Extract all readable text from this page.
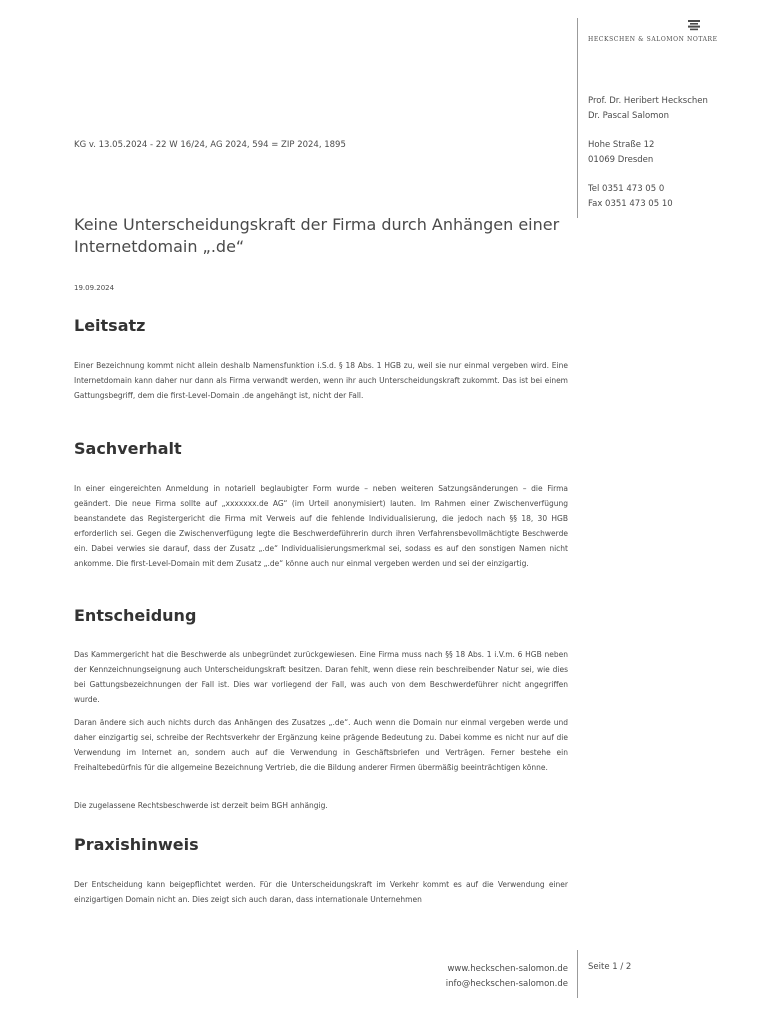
HECKSCHEN & SALOMON NOTARE
Prof. Dr. Heribert Heckschen
Dr. Pascal Salomon
Hohe Straße 12
01069 Dresden
Tel 0351 473 05 0
Fax 0351 473 05 10
KG v. 13.05.2024 - 22 W 16/24, AG 2024, 594 = ZIP 2024, 1895
Keine Unterscheidungskraft der Firma durch Anhängen einer Internetdomain „.de“
19.09.2024
Leitsatz

Einer Bezeichnung kommt nicht allein deshalb Namensfunktion i.S.d. § 18 Abs. 1 HGB zu, weil sie nur einmal vergeben wird. Eine Internetdomain kann daher nur dann als Firma verwandt werden, wenn ihr auch Unterscheidungskraft zukommt. Das ist bei einem Gattungsbegriff, dem die first-Level-Domain .de angehängt ist, nicht der Fall.

Sachverhalt

In einer eingereichten Anmeldung in notariell beglaubigter Form wurde – neben weiteren Satzungsänderungen – die Firma geändert. Die neue Firma sollte auf „xxxxxxx.de AG“ (im Urteil anonymisiert) lauten. Im Rahmen einer Zwischenverfügung beanstandete das Registergericht die Firma mit Verweis auf die fehlende Individualisierung, die jedoch nach §§ 18, 30 HGB erforderlich sei. Gegen die Zwischenverfügung legte die Beschwerdeführerin durch ihren Verfahrensbevollmächtigte Beschwerde ein. Dabei verwies sie darauf, dass der Zusatz „.de“ Individualisierungsmerkmal sei, sodass es auf den sonstigen Namen nicht ankomme. Die first-Level-Domain mit dem Zusatz „.de“ könne auch nur einmal vergeben werden und sei der einzigartig.

Entscheidung

Das Kammergericht hat die Beschwerde als unbegründet zurückgewiesen. Eine Firma muss nach §§ 18 Abs. 1 i.V.m. 6 HGB neben der Kennzeichnungseignung auch Unterscheidungskraft besitzen. Daran fehlt, wenn diese rein beschreibender Natur sei, wie dies bei Gattungsbezeichnungen der Fall ist. Dies war vorliegend der Fall, was auch von dem Beschwerdeführer nicht angegriffen wurde.

Daran ändere sich auch nichts durch das Anhängen des Zusatzes „.de“. Auch wenn die Domain nur einmal vergeben werde und daher einzigartig sei, schreibe der Rechtsverkehr der Ergänzung keine prägende Bedeutung zu. Dabei komme es nicht nur auf die Verwendung im Internet an, sondern auch auf die Verwendung in Geschäftsbriefen und Verträgen. Ferner bestehe ein Freihaltebedürfnis für die allgemeine Bezeichnung Vertrieb, die die Bildung anderer Firmen übermäßig beeinträchtigen könne.

Die zugelassene Rechtsbeschwerde ist derzeit beim BGH anhängig.

Praxishinweis

Der Entscheidung kann beigepflichtet werden. Für die Unterscheidungskraft im Verkehr kommt es auf die Verwendung einer einzigartigen Domain nicht an. Dies zeigt sich auch daran, dass internationale Unternehmen

www.heckschen-salomon.de
info@heckschen-salomon.de
Seite 1 / 2
